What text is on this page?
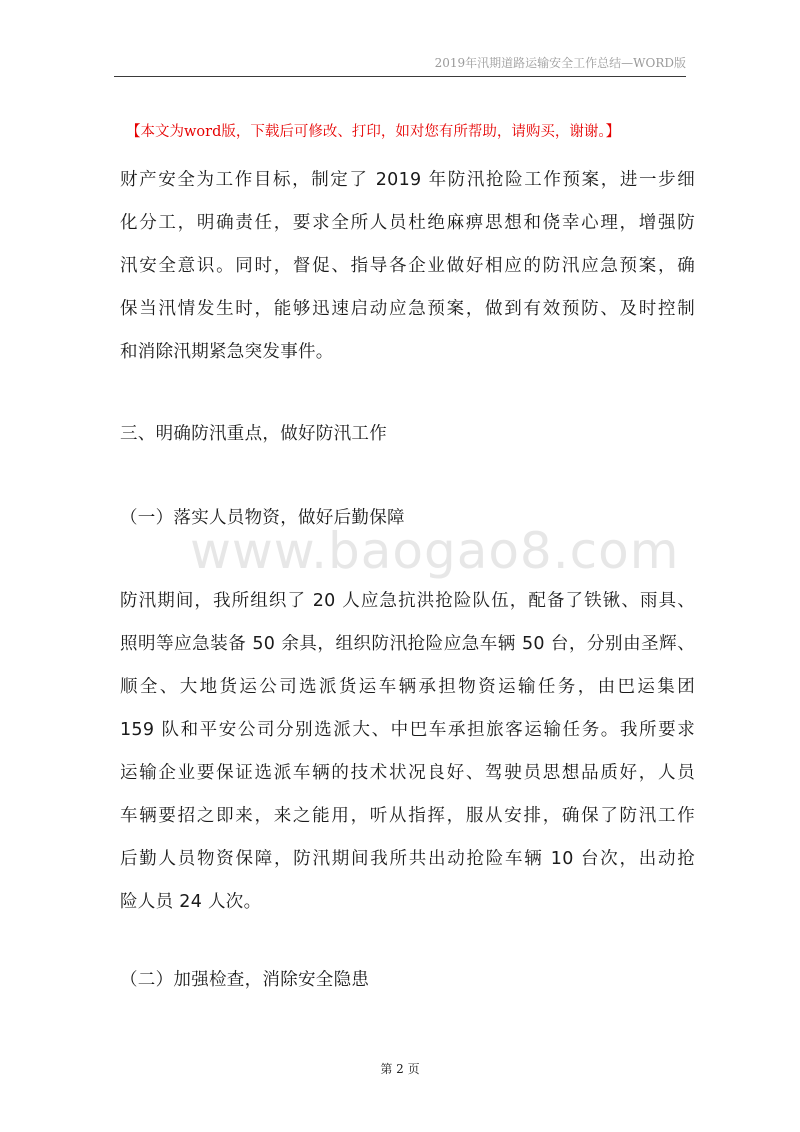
2019年汛期道路运输安全工作总结—WORD版
【本文为word版，下载后可修改、打印，如对您有所帮助，请购买，谢谢。】
www.baogao8.com

财产安全为工作目标，制定了 2019 年防汛抢险工作预案，进一步细
化分工，明确责任，要求全所人员杜绝麻痹思想和侥幸心理，增强防
汛安全意识。同时，督促、指导各企业做好相应的防汛应急预案，确
保当汛情发生时，能够迅速启动应急预案，做到有效预防、及时控制
和消除汛期紧急突发事件。

三、明确防汛重点，做好防汛工作
（一）落实人员物资，做好后勤保障

防汛期间，我所组织了 20 人应急抗洪抢险队伍，配备了铁锹、雨具、
照明等应急装备 50 余具，组织防汛抢险应急车辆 50 台，分别由圣辉、
顺全、大地货运公司选派货运车辆承担物资运输任务，由巴运集团
159 队和平安公司分别选派大、中巴车承担旅客运输任务。我所要求
运输企业要保证选派车辆的技术状况良好、驾驶员思想品质好，人员
车辆要招之即来，来之能用，听从指挥，服从安排，确保了防汛工作
后勤人员物资保障，防汛期间我所共出动抢险车辆 10 台次，出动抢
险人员 24 人次。

（二）加强检查，消除安全隐患
第 2 页
